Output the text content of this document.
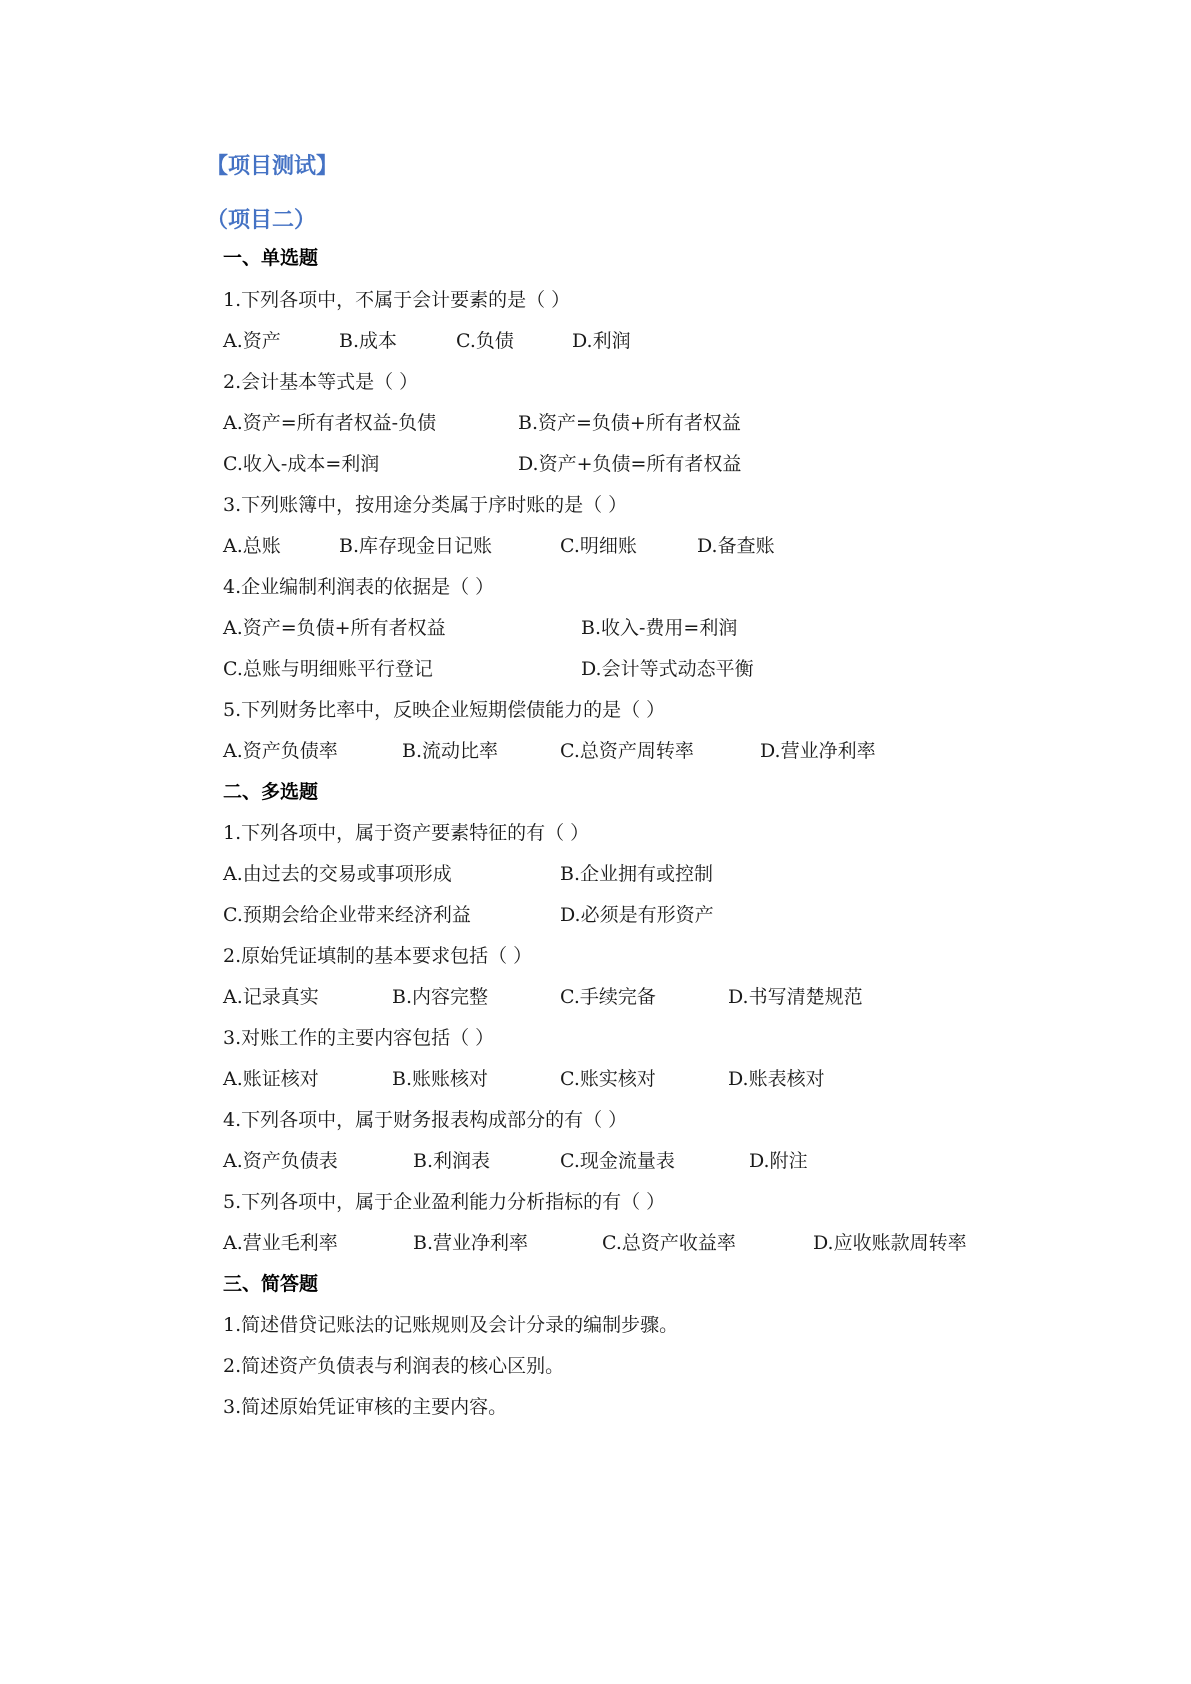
【项目测试】
（项目二）
一、单选题
1.下列各项中，不属于会计要素的是（ ）
A.资产	B.成本	C.负债	D.利润
2.会计基本等式是（ ）
A.资产=所有者权益-负债	B.资产=负债+所有者权益
C.收入-成本=利润	D.资产+负债=所有者权益
3.下列账簿中，按用途分类属于序时账的是（ ）
A.总账	B.库存现金日记账	C.明细账	D.备查账
4.企业编制利润表的依据是（ ）
A.资产=负债+所有者权益	B.收入-费用=利润
C.总账与明细账平行登记	D.会计等式动态平衡
5.下列财务比率中，反映企业短期偿债能力的是（ ）
A.资产负债率	B.流动比率	C.总资产周转率	D.营业净利率
二、多选题
1.下列各项中，属于资产要素特征的有（ ）
A.由过去的交易或事项形成	B.企业拥有或控制
C.预期会给企业带来经济利益	D.必须是有形资产
2.原始凭证填制的基本要求包括（ ）
A.记录真实	B.内容完整	C.手续完备	D.书写清楚规范
3.对账工作的主要内容包括（ ）
A.账证核对	B.账账核对	C.账实核对	D.账表核对
4.下列各项中，属于财务报表构成部分的有（ ）
A.资产负债表	B.利润表	C.现金流量表	D.附注
5.下列各项中，属于企业盈利能力分析指标的有（ ）
A.营业毛利率	B.营业净利率	C.总资产收益率	D.应收账款周转率
三、简答题
1.简述借贷记账法的记账规则及会计分录的编制步骤。
2.简述资产负债表与利润表的核心区别。
3.简述原始凭证审核的主要内容。
